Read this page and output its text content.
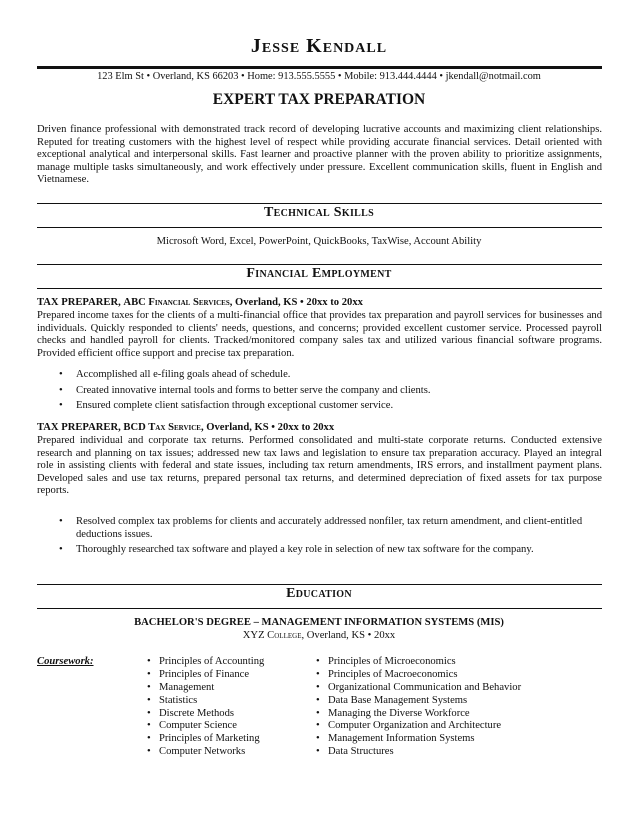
Jesse Kendall
123 Elm St • Overland, KS 66203 • Home: 913.555.5555 • Mobile: 913.444.4444 • jkendall@notmail.com
EXPERT TAX PREPARATION
Driven finance professional with demonstrated track record of developing lucrative accounts and maximizing client relationships. Reputed for treating customers with the highest level of respect while providing accurate financial services. Detail oriented with exceptional analytical and interpersonal skills. Fast learner and proactive planner with the proven ability to prioritize assignments, manage multiple tasks simultaneously, and work effectively under pressure. Excellent communication skills, fluent in English and Vietnamese.
Technical Skills
Microsoft Word, Excel, PowerPoint, QuickBooks, TaxWise, Account Ability
Financial Employment
TAX PREPARER, ABC Financial Services, Overland, KS • 20xx to 20xx
Prepared income taxes for the clients of a multi-financial office that provides tax preparation and payroll services for businesses and individuals. Quickly responded to clients' needs, questions, and concerns; provided excellent customer service. Processed payroll checks and handled payroll for clients. Tracked/monitored company sales tax and utilized various financial software programs. Provided efficient office support and precise tax preparation.
• Accomplished all e-filing goals ahead of schedule.
• Created innovative internal tools and forms to better serve the company and clients.
• Ensured complete client satisfaction through exceptional customer service.
TAX PREPARER, BCD Tax Service, Overland, KS • 20xx to 20xx
Prepared individual and corporate tax returns. Performed consolidated and multi-state corporate returns. Conducted extensive research and planning on tax issues; addressed new tax laws and legislation to ensure tax preparation accuracy. Played an integral role in assisting clients with federal and state issues, including tax return amendments, IRS errors, and installment payment plans. Developed sales and use tax returns, prepared personal tax returns, and determined depreciation of fixed assets for tax purpose reports.
• Resolved complex tax problems for clients and accurately addressed nonfiler, tax return amendment, and client-entitled deductions issues.
• Thoroughly researched tax software and played a key role in selection of new tax software for the company.
Education
BACHELOR'S DEGREE – MANAGEMENT INFORMATION SYSTEMS (MIS)
XYZ College, Overland, KS • 20xx
Coursework:	• Principles of Accounting
• Principles of Finance
• Management
• Statistics
• Discrete Methods
• Computer Science
• Principles of Marketing
• Computer Networks
• Principles of Microeconomics
• Principles of Macroeconomics
• Organizational Communication and Behavior
• Data Base Management Systems
• Managing the Diverse Workforce
• Computer Organization and Architecture
• Management Information Systems
• Data Structures
